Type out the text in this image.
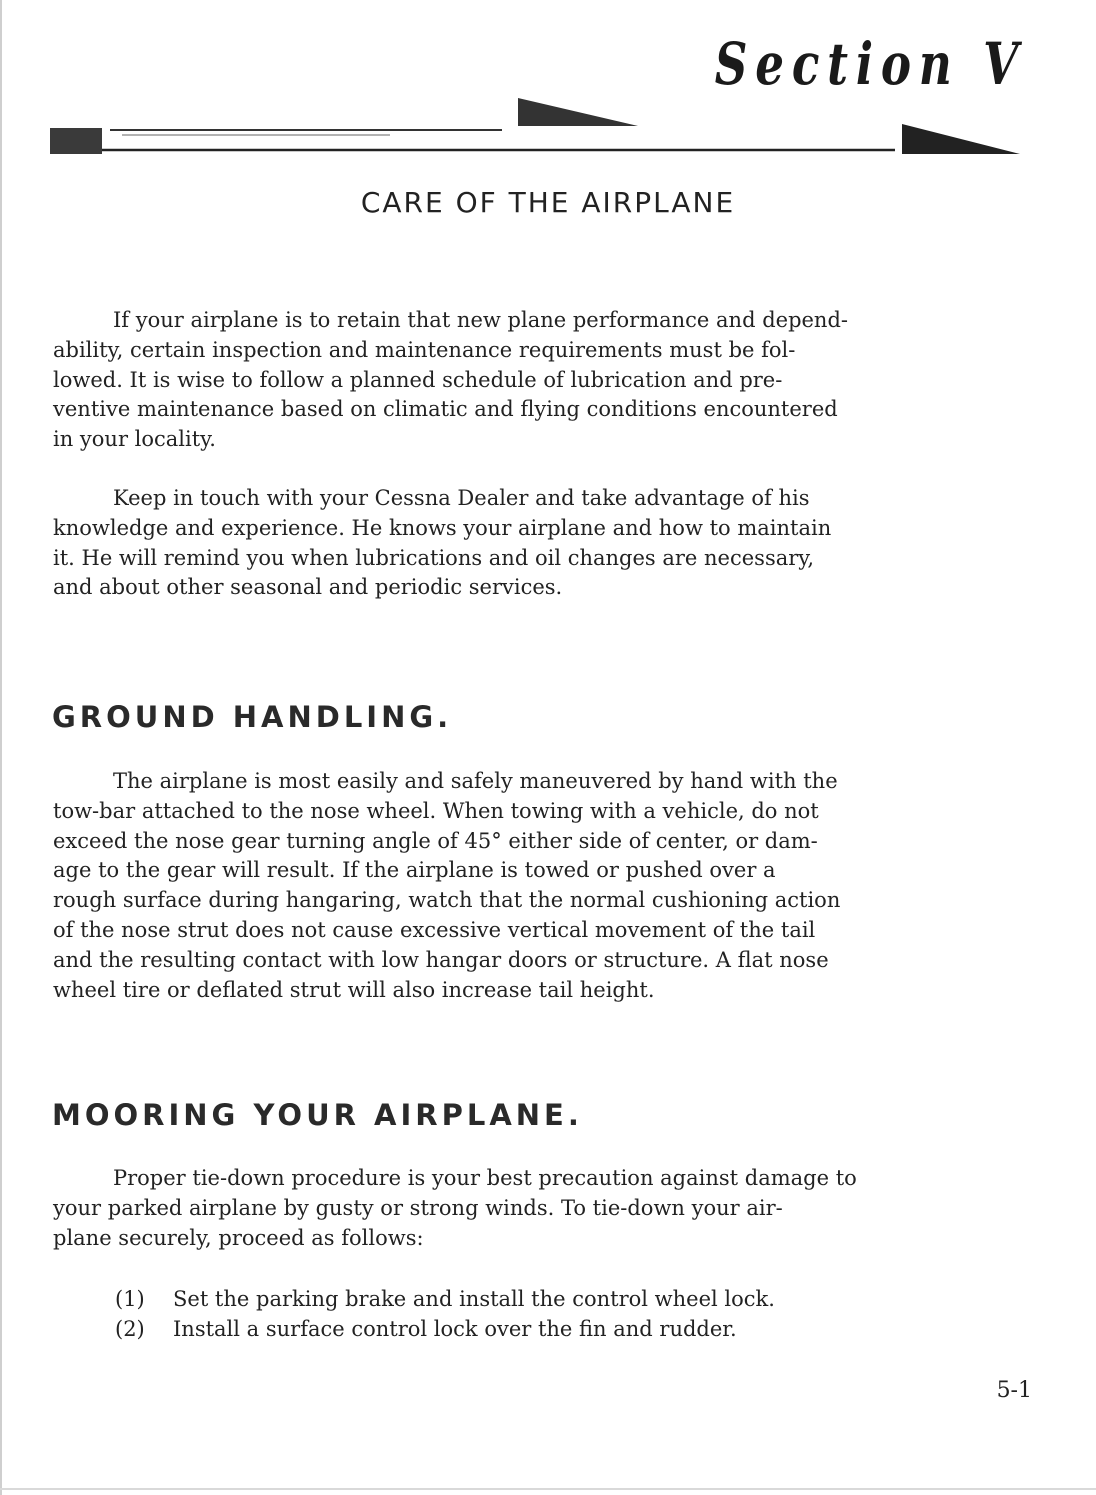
Section V
CARE OF THE AIRPLANE
If your airplane is to retain that new plane performance and depend-
ability, certain inspection and maintenance requirements must be fol-
lowed. It is wise to follow a planned schedule of lubrication and pre-
ventive maintenance based on climatic and flying conditions encountered
in your locality.
Keep in touch with your Cessna Dealer and take advantage of his
knowledge and experience. He knows your airplane and how to maintain
it. He will remind you when lubrications and oil changes are necessary,
and about other seasonal and periodic services.
GROUND HANDLING.
The airplane is most easily and safely maneuvered by hand with the
tow-bar attached to the nose wheel. When towing with a vehicle, do not
exceed the nose gear turning angle of 45° either side of center, or dam-
age to the gear will result. If the airplane is towed or pushed over a
rough surface during hangaring, watch that the normal cushioning action
of the nose strut does not cause excessive vertical movement of the tail
and the resulting contact with low hangar doors or structure. A flat nose
wheel tire or deflated strut will also increase tail height.
MOORING YOUR AIRPLANE.
Proper tie-down procedure is your best precaution against damage to
your parked airplane by gusty or strong winds. To tie-down your air-
plane securely, proceed as follows:
(1)	Set the parking brake and install the control wheel lock.
(2)	Install a surface control lock over the fin and rudder.
5-1
